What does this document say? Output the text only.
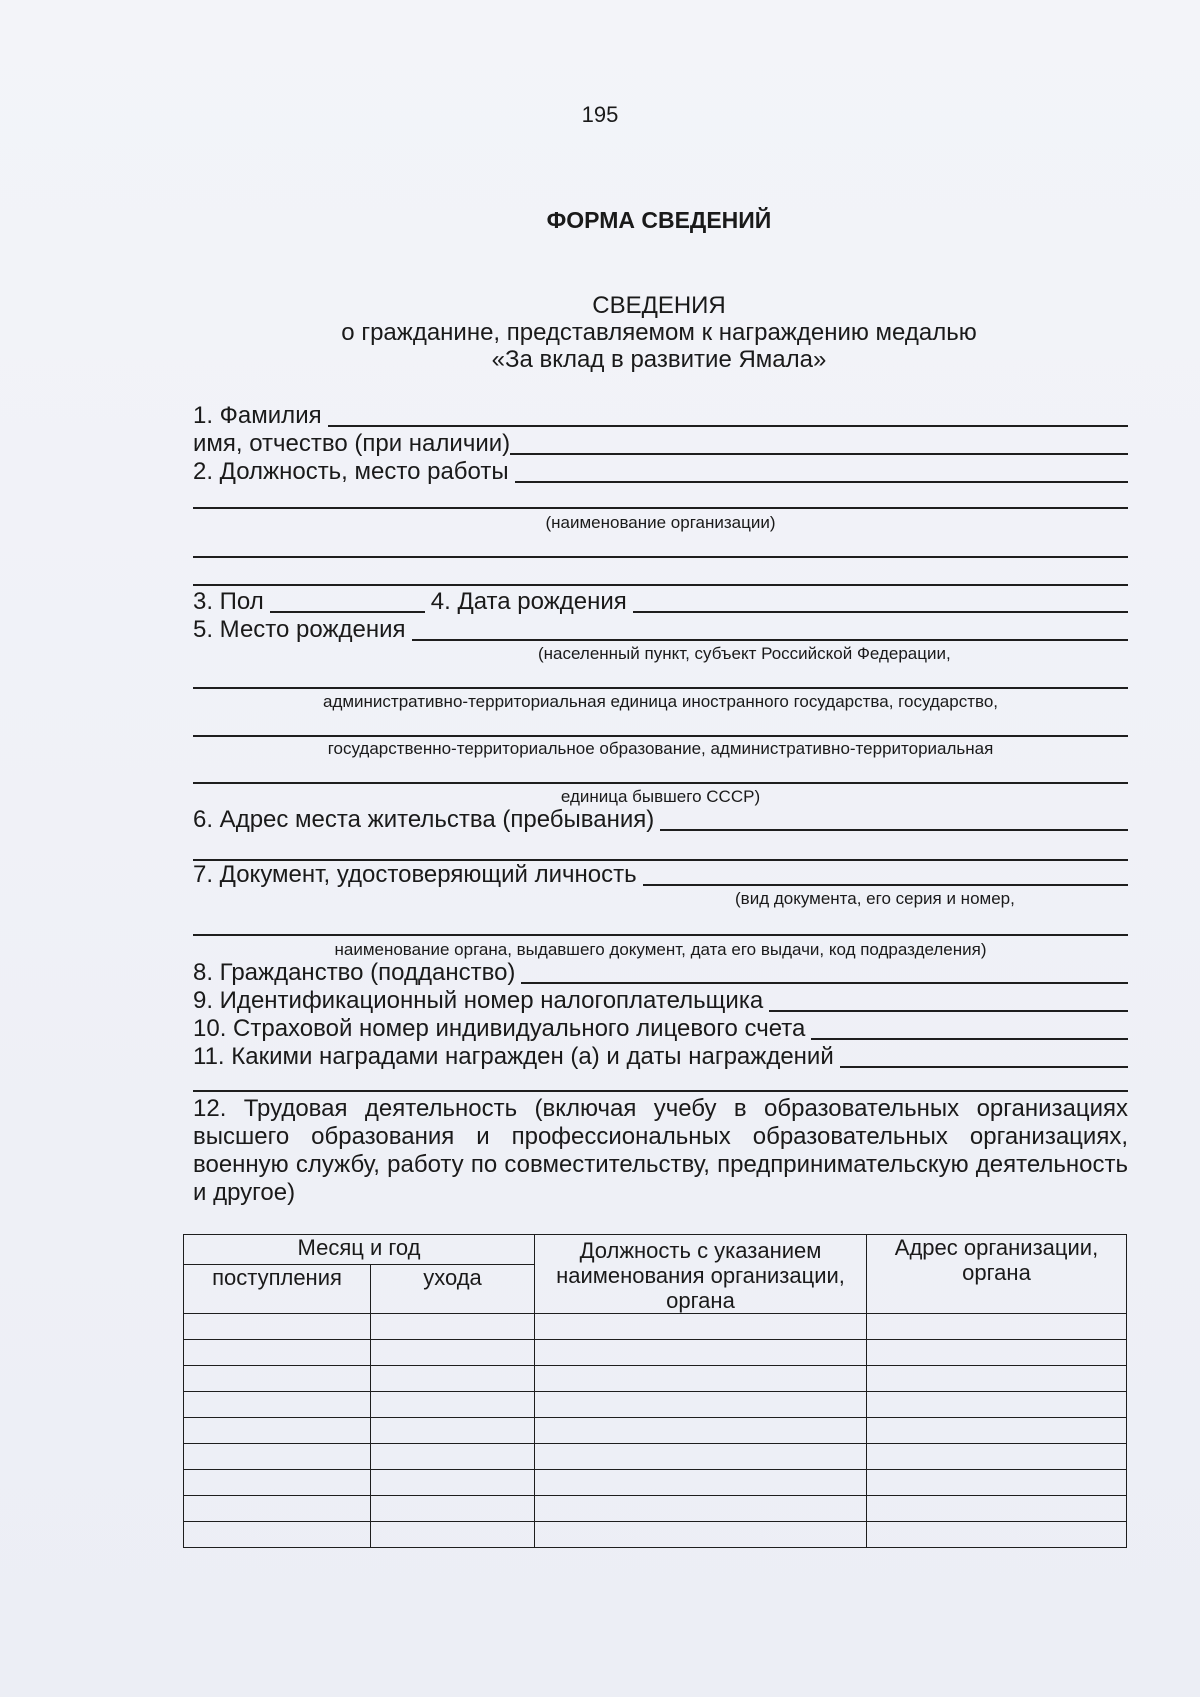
195
ФОРМА СВЕДЕНИЙ
СВЕДЕНИЯ
о гражданине, представляемом к награждению медалью
«За вклад в развитие Ямала»
1. Фамилия
имя, отчество (при наличии)
2. Должность, место работы
(наименование организации)
3. Пол	4. Дата рождения
5. Место рождения
(населенный пункт, субъект Российской Федерации,
административно-территориальная единица иностранного государства, государство,
государственно-территориальное образование, административно-территориальная
единица бывшего СССР)
6. Адрес места жительства (пребывания)
7. Документ, удостоверяющий личность
(вид документа, его серия и номер,
наименование органа, выдавшего документ, дата его выдачи, код подразделения)
8. Гражданство (подданство)
9. Идентификационный номер налогоплательщика
10. Страховой номер индивидуального лицевого счета
11. Какими наградами награжден (а) и даты награждений
12. Трудовая деятельность (включая учебу в образовательных организациях высшего образования и профессиональных образовательных организациях, военную службу, работу по совместительству, предпринимательскую деятельность и другое)
Месяц и год		Должность с указанием наименования организации, органа	Адрес организации, органа
поступления	ухода		
